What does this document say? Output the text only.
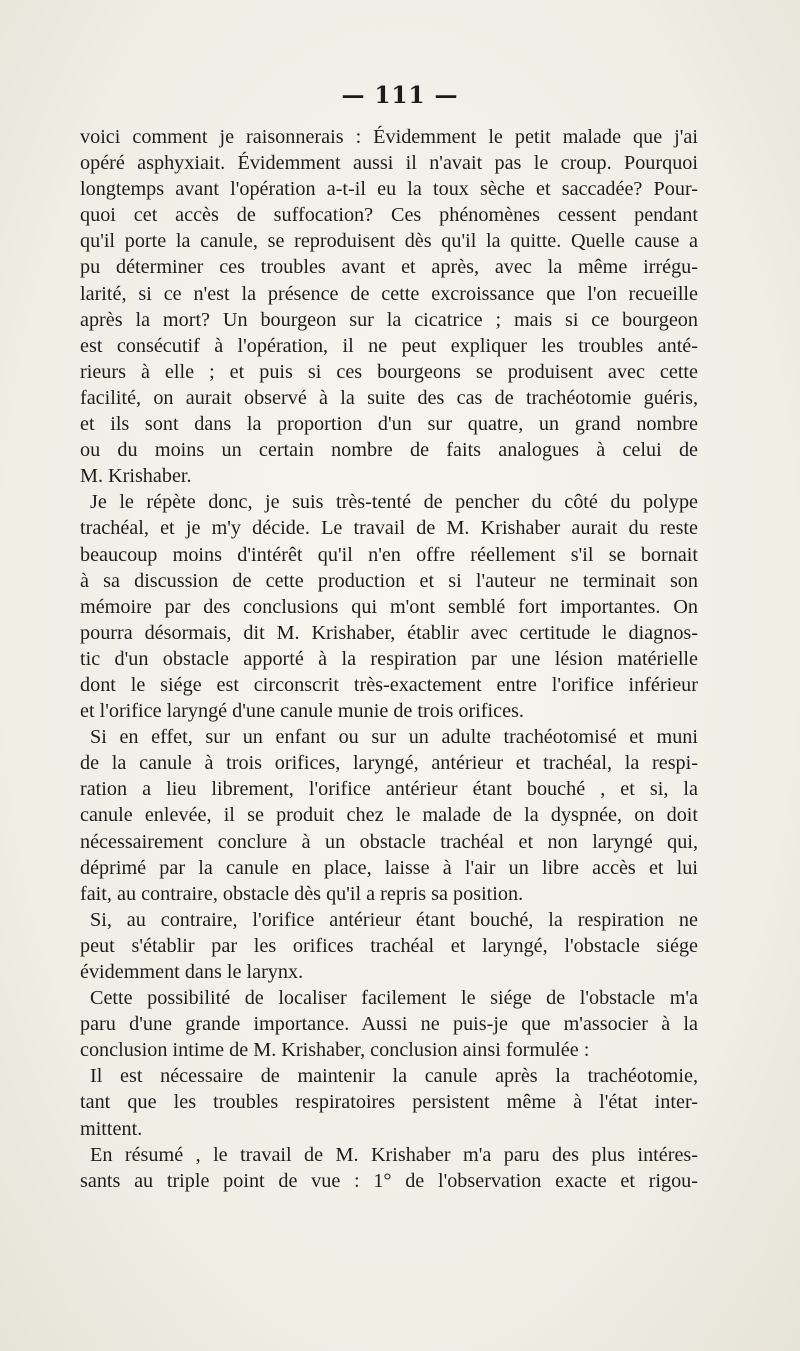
— 111 —

voici comment je raisonnerais : Évidemment le petit malade que j'ai
opéré asphyxiait. Évidemment aussi il n'avait pas le croup. Pourquoi
longtemps avant l'opération a-t-il eu la toux sèche et saccadée? Pour-
quoi cet accès de suffocation? Ces phénomènes cessent pendant
qu'il porte la canule, se reproduisent dès qu'il la quitte. Quelle cause a
pu déterminer ces troubles avant et après, avec la même irrégu-
larité, si ce n'est la présence de cette excroissance que l'on recueille
après la mort? Un bourgeon sur la cicatrice ; mais si ce bourgeon
est consécutif à l'opération, il ne peut expliquer les troubles anté-
rieurs à elle ; et puis si ces bourgeons se produisent avec cette
facilité, on aurait observé à la suite des cas de trachéotomie guéris,
et ils sont dans la proportion d'un sur quatre, un grand nombre
ou du moins un certain nombre de faits analogues à celui de
M. Krishaber.

Je le répète donc, je suis très-tenté de pencher du côté du polype
trachéal, et je m'y décide. Le travail de M. Krishaber aurait du reste
beaucoup moins d'intérêt qu'il n'en offre réellement s'il se bornait
à sa discussion de cette production et si l'auteur ne terminait son
mémoire par des conclusions qui m'ont semblé fort importantes. On
pourra désormais, dit M. Krishaber, établir avec certitude le diagnos-
tic d'un obstacle apporté à la respiration par une lésion matérielle
dont le siége est circonscrit très-exactement entre l'orifice inférieur
et l'orifice laryngé d'une canule munie de trois orifices.

Si en effet, sur un enfant ou sur un adulte trachéotomisé et muni
de la canule à trois orifices, laryngé, antérieur et trachéal, la respi-
ration a lieu librement, l'orifice antérieur étant bouché , et si, la
canule enlevée, il se produit chez le malade de la dyspnée, on doit
nécessairement conclure à un obstacle trachéal et non laryngé qui,
déprimé par la canule en place, laisse à l'air un libre accès et lui
fait, au contraire, obstacle dès qu'il a repris sa position.

Si, au contraire, l'orifice antérieur étant bouché, la respiration ne
peut s'établir par les orifices trachéal et laryngé, l'obstacle siége
évidemment dans le larynx.

Cette possibilité de localiser facilement le siége de l'obstacle m'a
paru d'une grande importance. Aussi ne puis-je que m'associer à la
conclusion intime de M. Krishaber, conclusion ainsi formulée :

Il est nécessaire de maintenir la canule après la trachéotomie,
tant que les troubles respiratoires persistent même à l'état inter-
mittent.

En résumé , le travail de M. Krishaber m'a paru des plus intéres-
sants au triple point de vue : 1° de l'observation exacte et rigou-
